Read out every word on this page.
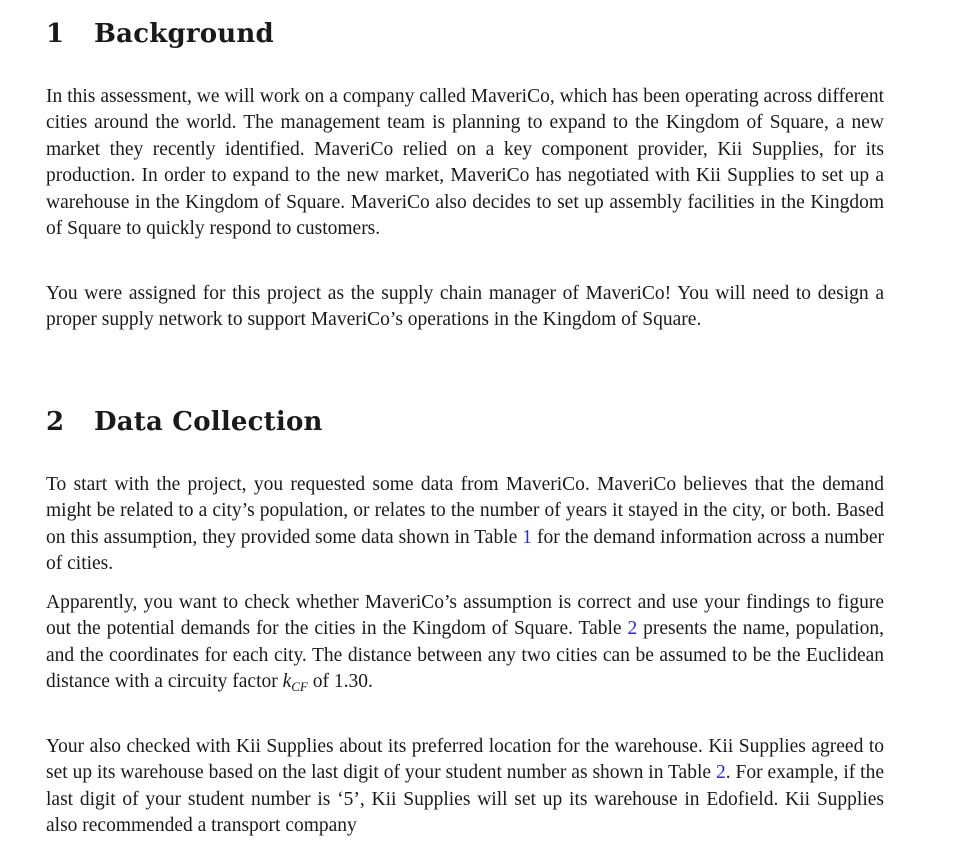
1	Background

In this assessment, we will work on a company called MaveriCo, which has been operating across different cities around the world. The management team is planning to expand to the Kingdom of Square, a new market they recently identified. MaveriCo relied on a key component provider, Kii Supplies, for its production. In order to expand to the new market, MaveriCo has negotiated with Kii Supplies to set up a warehouse in the Kingdom of Square. MaveriCo also decides to set up assembly facilities in the Kingdom of Square to quickly respond to customers.

You were assigned for this project as the supply chain manager of MaveriCo! You will need to design a proper supply network to support MaveriCo’s operations in the Kingdom of Square.

2	Data Collection

To start with the project, you requested some data from MaveriCo. MaveriCo believes that the demand might be related to a city’s population, or relates to the number of years it stayed in the city, or both. Based on this assumption, they provided some data shown in Table 1 for the demand information across a number of cities.

Apparently, you want to check whether MaveriCo’s assumption is correct and use your findings to figure out the potential demands for the cities in the Kingdom of Square. Table 2 presents the name, population, and the coordinates for each city. The distance between any two cities can be assumed to be the Euclidean distance with a circuity factor $k_{CF}$ of 1.30.

Your also checked with Kii Supplies about its preferred location for the warehouse. Kii Supplies agreed to set up its warehouse based on the last digit of your student number as shown in Table 2. For example, if the last digit of your student number is ‘5’, Kii Supplies will set up its warehouse in Edofield. Kii Supplies also recommended a transport company
